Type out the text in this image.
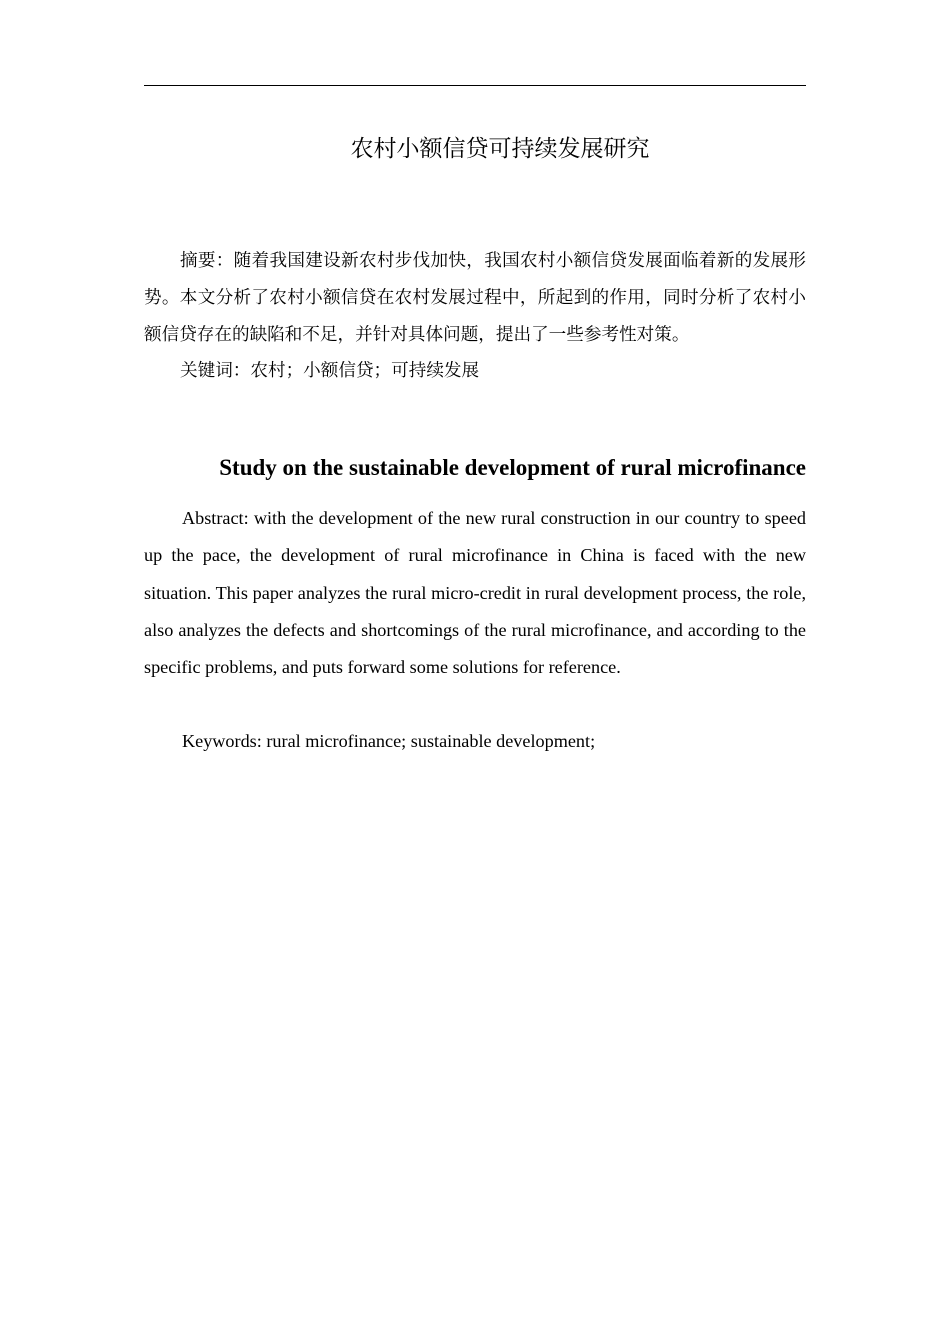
农村小额信贷可持续发展研究

摘要：随着我国建设新农村步伐加快，我国农村小额信贷发展面临着新的发展形势。本文分析了农村小额信贷在农村发展过程中，所起到的作用，同时分析了农村小额信贷存在的缺陷和不足，并针对具体问题，提出了一些参考性对策。

关键词：农村；小额信贷；可持续发展

Study on the sustainable development of rural microfinance

Abstract: with the development of the new rural construction in our country to speed up the pace, the development of rural microfinance in China is faced with the new situation. This paper analyzes the rural micro-credit in rural development process, the role, also analyzes the defects and shortcomings of the rural microfinance, and according to the specific problems, and puts forward some solutions for reference.

Keywords: rural microfinance; sustainable development;
